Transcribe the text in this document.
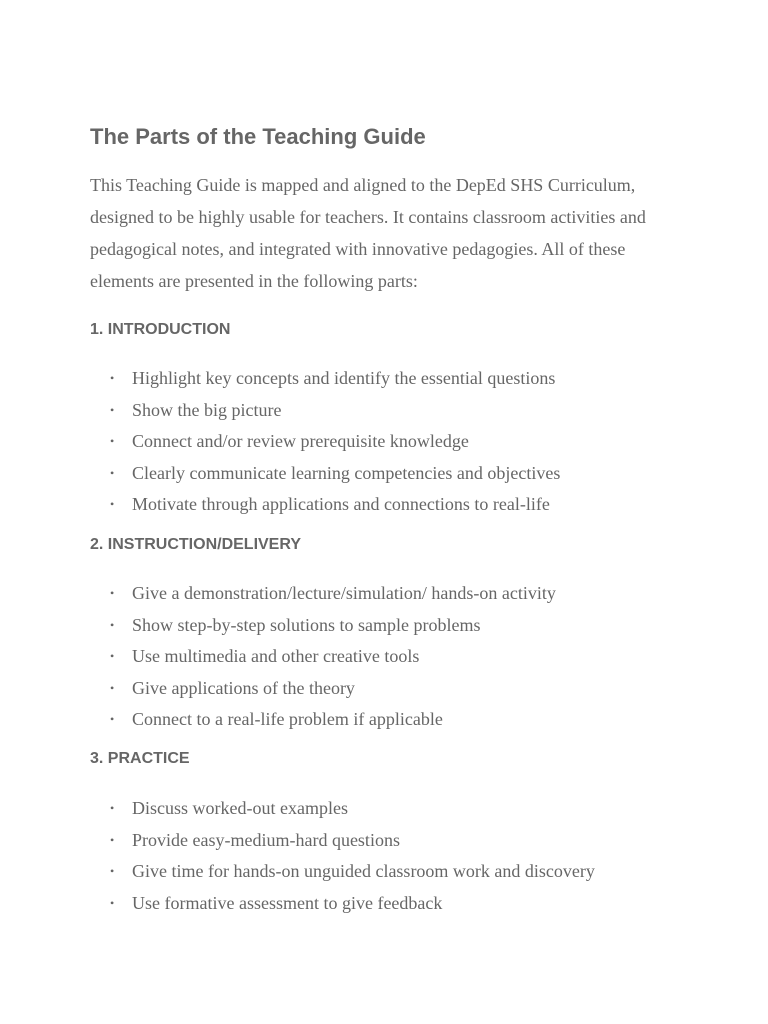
The Parts of the Teaching Guide

This Teaching Guide is mapped and aligned to the DepEd SHS Curriculum,
designed to be highly usable for teachers. It contains classroom activities and
pedagogical notes, and integrated with innovative pedagogies. All of these
elements are presented in the following parts:

1. INTRODUCTION
• Highlight key concepts and identify the essential questions
• Show the big picture
• Connect and/or review prerequisite knowledge
• Clearly communicate learning competencies and objectives
• Motivate through applications and connections to real-life
2. INSTRUCTION/DELIVERY
• Give a demonstration/lecture/simulation/ hands-on activity
• Show step-by-step solutions to sample problems
• Use multimedia and other creative tools
• Give applications of the theory
• Connect to a real-life problem if applicable
3. PRACTICE
• Discuss worked-out examples
• Provide easy-medium-hard questions
• Give time for hands-on unguided classroom work and discovery
• Use formative assessment to give feedback
